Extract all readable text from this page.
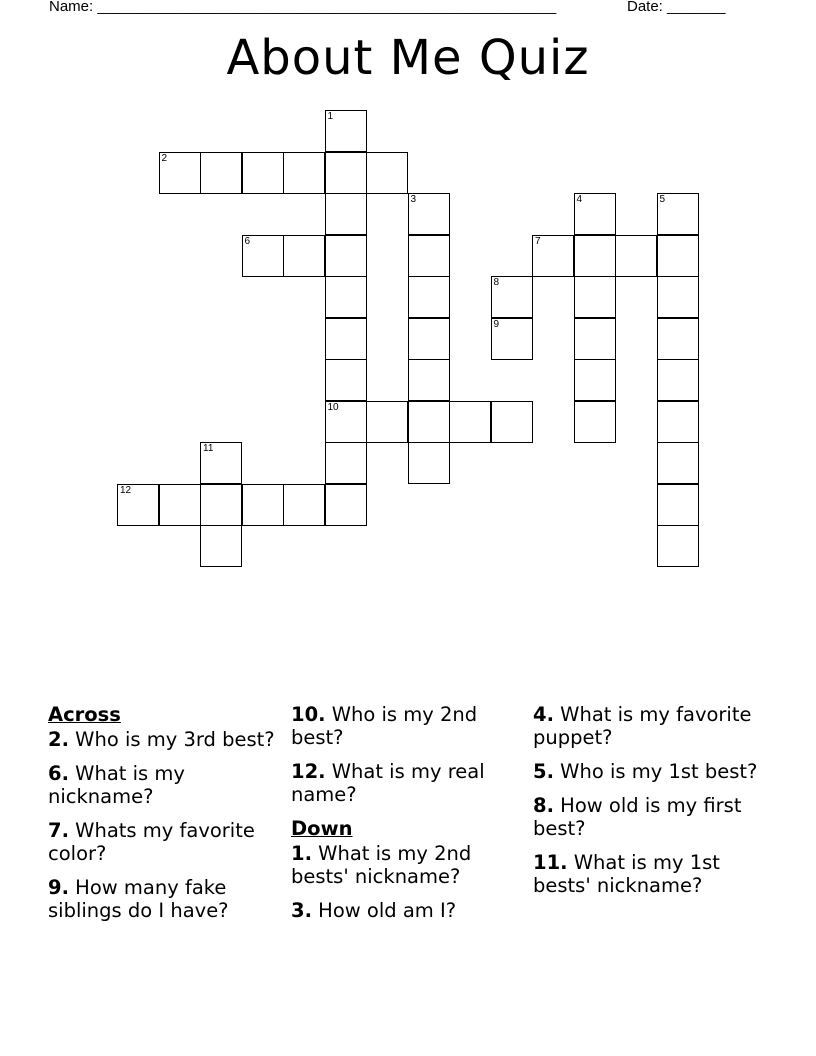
Name: _______________________________________________________	Date: _______
About Me Quiz
1
2
3	4	5
6	7
8
9
10
11
12
Across
2. Who is my 3rd best?
6. What is my nickname?
7. Whats my favorite color?
9. How many fake siblings do I have?
10. Who is my 2nd best?
12. What is my real name?
Down
1. What is my 2nd bests' nickname?
3. How old am I?
4. What is my favorite puppet?
5. Who is my 1st best?
8. How old is my first best?
11. What is my 1st bests' nickname?
